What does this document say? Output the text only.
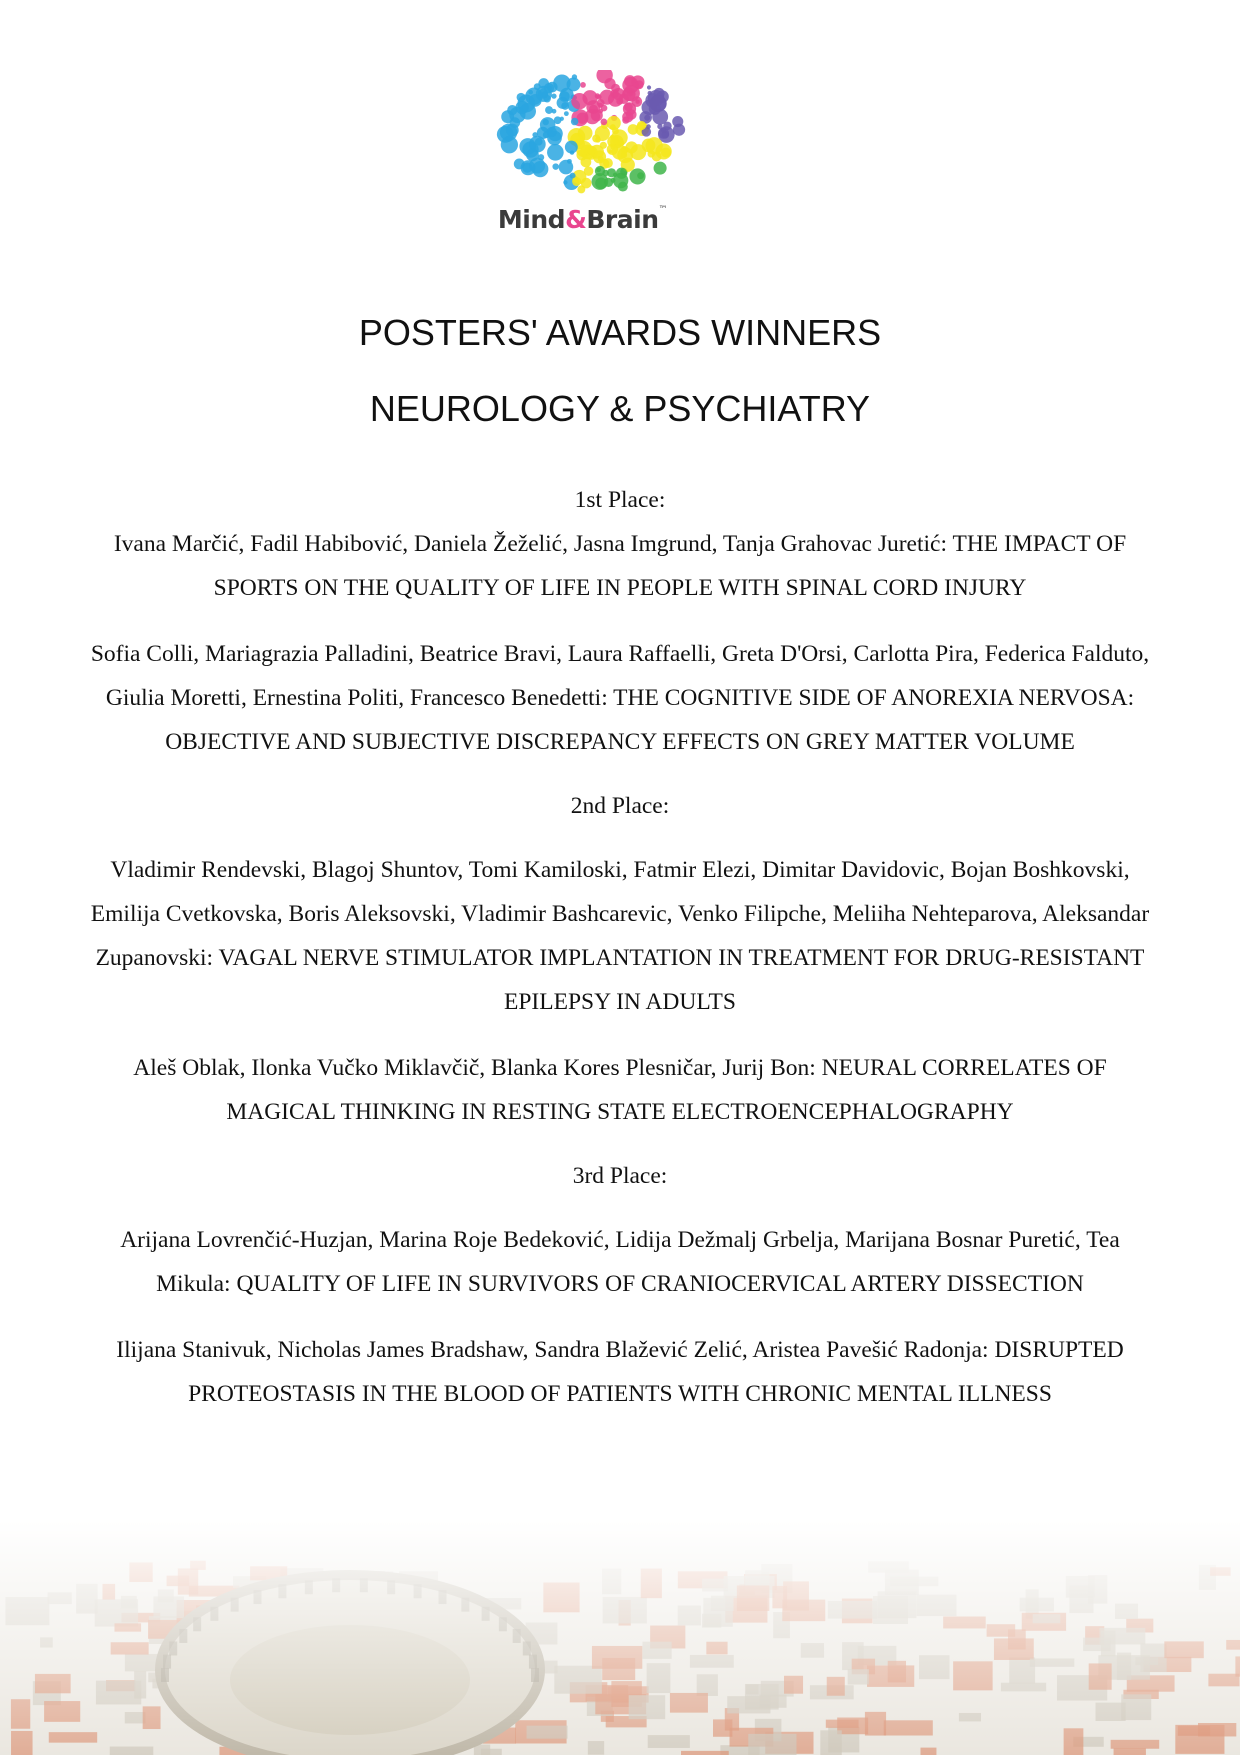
Mind&Brain™
POSTERS' AWARDS WINNERS
NEUROLOGY & PSYCHIATRY

1st Place:

Ivana Marčić, Fadil Habibović, Daniela Žeželić, Jasna Imgrund, Tanja Grahovac Juretić: THE IMPACT OF SPORTS ON THE QUALITY OF LIFE IN PEOPLE WITH SPINAL CORD INJURY

Sofia Colli, Mariagrazia Palladini, Beatrice Bravi, Laura Raffaelli, Greta D'Orsi, Carlotta Pira, Federica Falduto, Giulia Moretti, Ernestina Politi, Francesco Benedetti: THE COGNITIVE SIDE OF ANOREXIA NERVOSA: OBJECTIVE AND SUBJECTIVE DISCREPANCY EFFECTS ON GREY MATTER VOLUME

2nd Place:

Vladimir Rendevski, Blagoj Shuntov, Tomi Kamiloski, Fatmir Elezi, Dimitar Davidovic, Bojan Boshkovski, Emilija Cvetkovska, Boris Aleksovski, Vladimir Bashcarevic, Venko Filipche, Meliiha Nehteparova, Aleksandar Zupanovski: VAGAL NERVE STIMULATOR IMPLANTATION IN TREATMENT FOR DRUG-RESISTANT EPILEPSY IN ADULTS

Aleš Oblak, Ilonka Vučko Miklavčič, Blanka Kores Plesničar, Jurij Bon: NEURAL CORRELATES OF MAGICAL THINKING IN RESTING STATE ELECTROENCEPHALOGRAPHY

3rd Place:

Arijana Lovrenčić-Huzjan, Marina Roje Bedeković, Lidija Dežmalj Grbelja, Marijana Bosnar Puretić, Tea Mikula: QUALITY OF LIFE IN SURVIVORS OF CRANIOCERVICAL ARTERY DISSECTION

Ilijana Stanivuk, Nicholas James Bradshaw, Sandra Blažević Zelić, Aristea Pavešić Radonja: DISRUPTED PROTEOSTASIS IN THE BLOOD OF PATIENTS WITH CHRONIC MENTAL ILLNESS
